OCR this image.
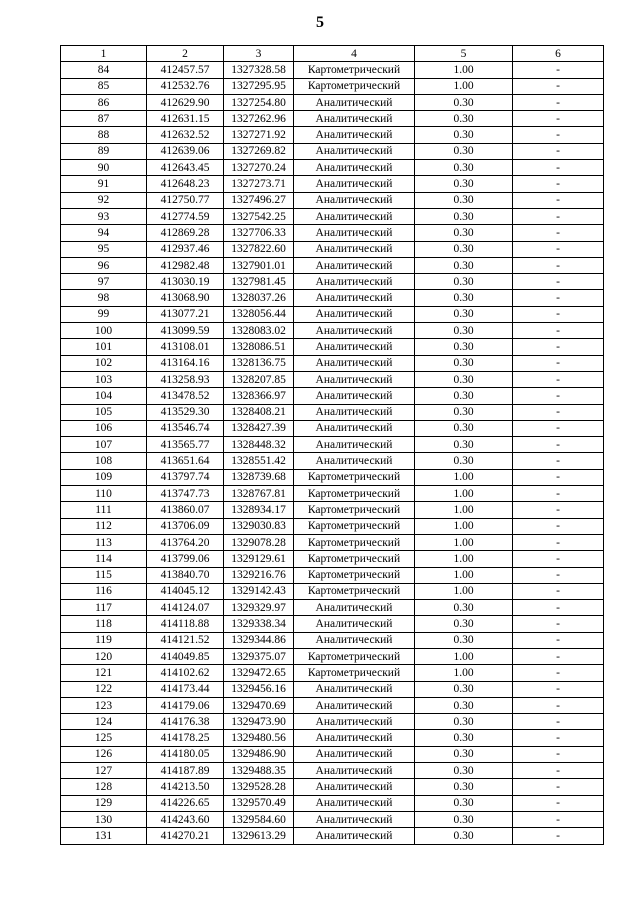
5
1	2	3	4	5	6
84	412457.57	1327328.58	Картометрический	1.00	-
85	412532.76	1327295.95	Картометрический	1.00	-
86	412629.90	1327254.80	Аналитический	0.30	-
87	412631.15	1327262.96	Аналитический	0.30	-
88	412632.52	1327271.92	Аналитический	0.30	-
89	412639.06	1327269.82	Аналитический	0.30	-
90	412643.45	1327270.24	Аналитический	0.30	-
91	412648.23	1327273.71	Аналитический	0.30	-
92	412750.77	1327496.27	Аналитический	0.30	-
93	412774.59	1327542.25	Аналитический	0.30	-
94	412869.28	1327706.33	Аналитический	0.30	-
95	412937.46	1327822.60	Аналитический	0.30	-
96	412982.48	1327901.01	Аналитический	0.30	-
97	413030.19	1327981.45	Аналитический	0.30	-
98	413068.90	1328037.26	Аналитический	0.30	-
99	413077.21	1328056.44	Аналитический	0.30	-
100	413099.59	1328083.02	Аналитический	0.30	-
101	413108.01	1328086.51	Аналитический	0.30	-
102	413164.16	1328136.75	Аналитический	0.30	-
103	413258.93	1328207.85	Аналитический	0.30	-
104	413478.52	1328366.97	Аналитический	0.30	-
105	413529.30	1328408.21	Аналитический	0.30	-
106	413546.74	1328427.39	Аналитический	0.30	-
107	413565.77	1328448.32	Аналитический	0.30	-
108	413651.64	1328551.42	Аналитический	0.30	-
109	413797.74	1328739.68	Картометрический	1.00	-
110	413747.73	1328767.81	Картометрический	1.00	-
111	413860.07	1328934.17	Картометрический	1.00	-
112	413706.09	1329030.83	Картометрический	1.00	-
113	413764.20	1329078.28	Картометрический	1.00	-
114	413799.06	1329129.61	Картометрический	1.00	-
115	413840.70	1329216.76	Картометрический	1.00	-
116	414045.12	1329142.43	Картометрический	1.00	-
117	414124.07	1329329.97	Аналитический	0.30	-
118	414118.88	1329338.34	Аналитический	0.30	-
119	414121.52	1329344.86	Аналитический	0.30	-
120	414049.85	1329375.07	Картометрический	1.00	-
121	414102.62	1329472.65	Картометрический	1.00	-
122	414173.44	1329456.16	Аналитический	0.30	-
123	414179.06	1329470.69	Аналитический	0.30	-
124	414176.38	1329473.90	Аналитический	0.30	-
125	414178.25	1329480.56	Аналитический	0.30	-
126	414180.05	1329486.90	Аналитический	0.30	-
127	414187.89	1329488.35	Аналитический	0.30	-
128	414213.50	1329528.28	Аналитический	0.30	-
129	414226.65	1329570.49	Аналитический	0.30	-
130	414243.60	1329584.60	Аналитический	0.30	-
131	414270.21	1329613.29	Аналитический	0.30	-
